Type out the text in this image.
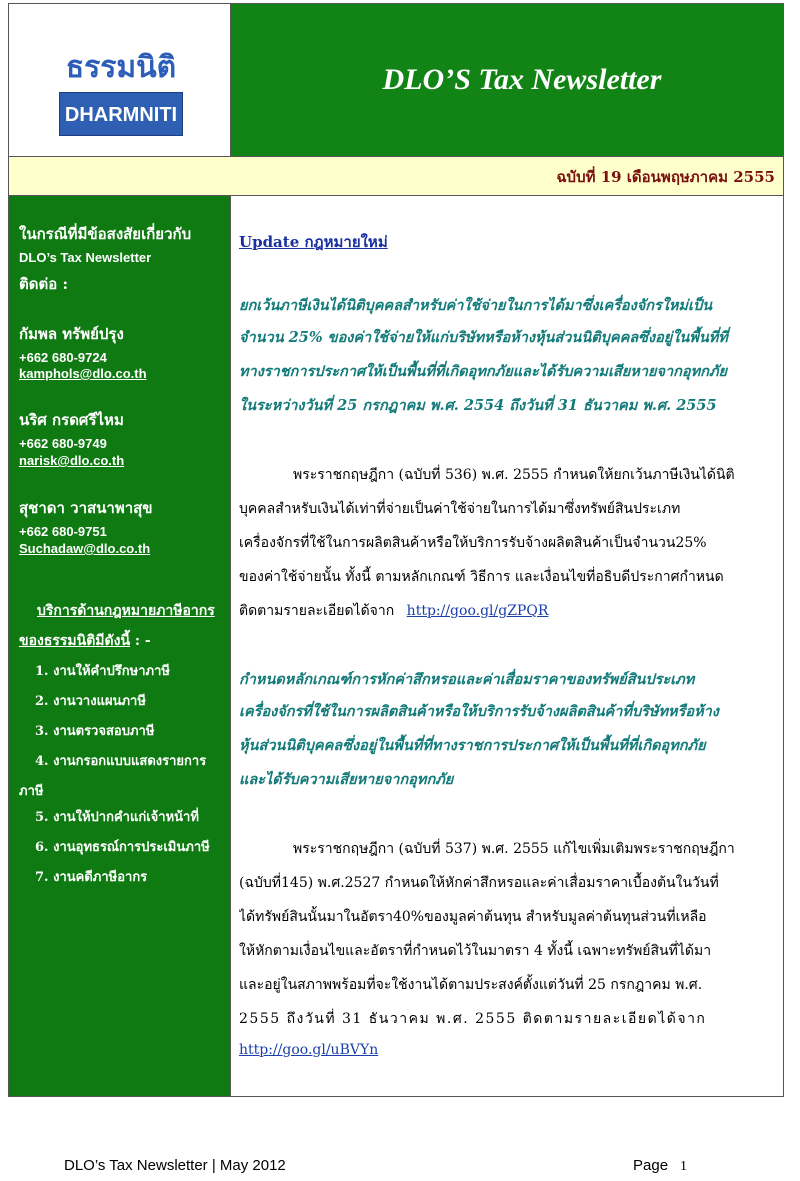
ธรรมนิติ
DHARMNITI
DLO’S Tax Newsletter
ฉบับที่ 19 เดือนพฤษภาคม 2555
ในกรณีที่มีข้อสงสัยเกี่ยวกับ
DLO’s Tax Newsletter
ติดต่อ :
กัมพล ทรัพย์ปรุง
+662 680-9724
kamphols@dlo.co.th
นริศ กรดศรีไหม
+662 680-9749
narisk@dlo.co.th
สุชาดา วาสนาพาสุข
+662 680-9751
Suchadaw@dlo.co.th
บริการด้านกฎหมายภาษีอากร
ของธรรมนิติมีดังนี้ : -
1. งานให้คำปรึกษาภาษี
2. งานวางแผนภาษี
3. งานตรวจสอบภาษี
4. งานกรอกแบบแสดงรายการ
ภาษี
5. งานให้ปากคำแก่เจ้าหน้าที่
6. งานอุทธรณ์การประเมินภาษี
7. งานคดีภาษีอากร
Update กฎหมายใหม่
ยกเว้นภาษีเงินได้นิติบุคคลสำหรับค่าใช้จ่ายในการได้มาซึ่งเครื่องจักรใหม่เป็น
จำนวน 25% ของค่าใช้จ่ายให้แก่บริษัทหรือห้างหุ้นส่วนนิติบุคคลซึ่งอยู่ในพื้นที่ที่
ทางราชการประกาศให้เป็นพื้นที่ที่เกิดอุทกภัยและได้รับความเสียหายจากอุทกภัย
ในระหว่างวันที่ 25 กรกฎาคม พ.ศ. 2554 ถึงวันที่ 31 ธันวาคม พ.ศ. 2555
พระราชกฤษฎีกา (ฉบับที่ 536) พ.ศ. 2555 กำหนดให้ยกเว้นภาษีเงินได้นิติ
บุคคลสำหรับเงินได้เท่าที่จ่ายเป็นค่าใช้จ่ายในการได้มาซึ่งทรัพย์สินประเภท
เครื่องจักรที่ใช้ในการผลิตสินค้าหรือให้บริการรับจ้างผลิตสินค้าเป็นจำนวน25%
ของค่าใช้จ่ายนั้น ทั้งนี้ ตามหลักเกณฑ์ วิธีการ และเงื่อนไขที่อธิบดีประกาศกำหนด
ติดตามรายละเอียดได้จาก http://goo.gl/gZPQR
กำหนดหลักเกณฑ์การหักค่าสึกหรอและค่าเสื่อมราคาของทรัพย์สินประเภท
เครื่องจักรที่ใช้ในการผลิตสินค้าหรือให้บริการรับจ้างผลิตสินค้าที่บริษัทหรือห้าง
หุ้นส่วนนิติบุคคลซึ่งอยู่ในพื้นที่ที่ทางราชการประกาศให้เป็นพื้นที่ที่เกิดอุทกภัย
และได้รับความเสียหายจากอุทกภัย
พระราชกฤษฎีกา (ฉบับที่ 537) พ.ศ. 2555 แก้ไขเพิ่มเติมพระราชกฤษฎีกา
(ฉบับที่145) พ.ศ.2527 กำหนดให้หักค่าสึกหรอและค่าเสื่อมราคาเบื้องต้นในวันที่
ได้ทรัพย์สินนั้นมาในอัตรา40%ของมูลค่าต้นทุน สำหรับมูลค่าต้นทุนส่วนที่เหลือ
ให้หักตามเงื่อนไขและอัตราที่กำหนดไว้ในมาตรา 4 ทั้งนี้ เฉพาะทรัพย์สินที่ได้มา
และอยู่ในสภาพพร้อมที่จะใช้งานได้ตามประสงค์ตั้งแต่วันที่ 25 กรกฎาคม พ.ศ.
2555 ถึงวันที่ 31 ธันวาคม พ.ศ. 2555 ติดตามรายละเอียดได้จาก
http://goo.gl/uBVYn
DLO’s Tax Newsletter | May 2012	Page 1
